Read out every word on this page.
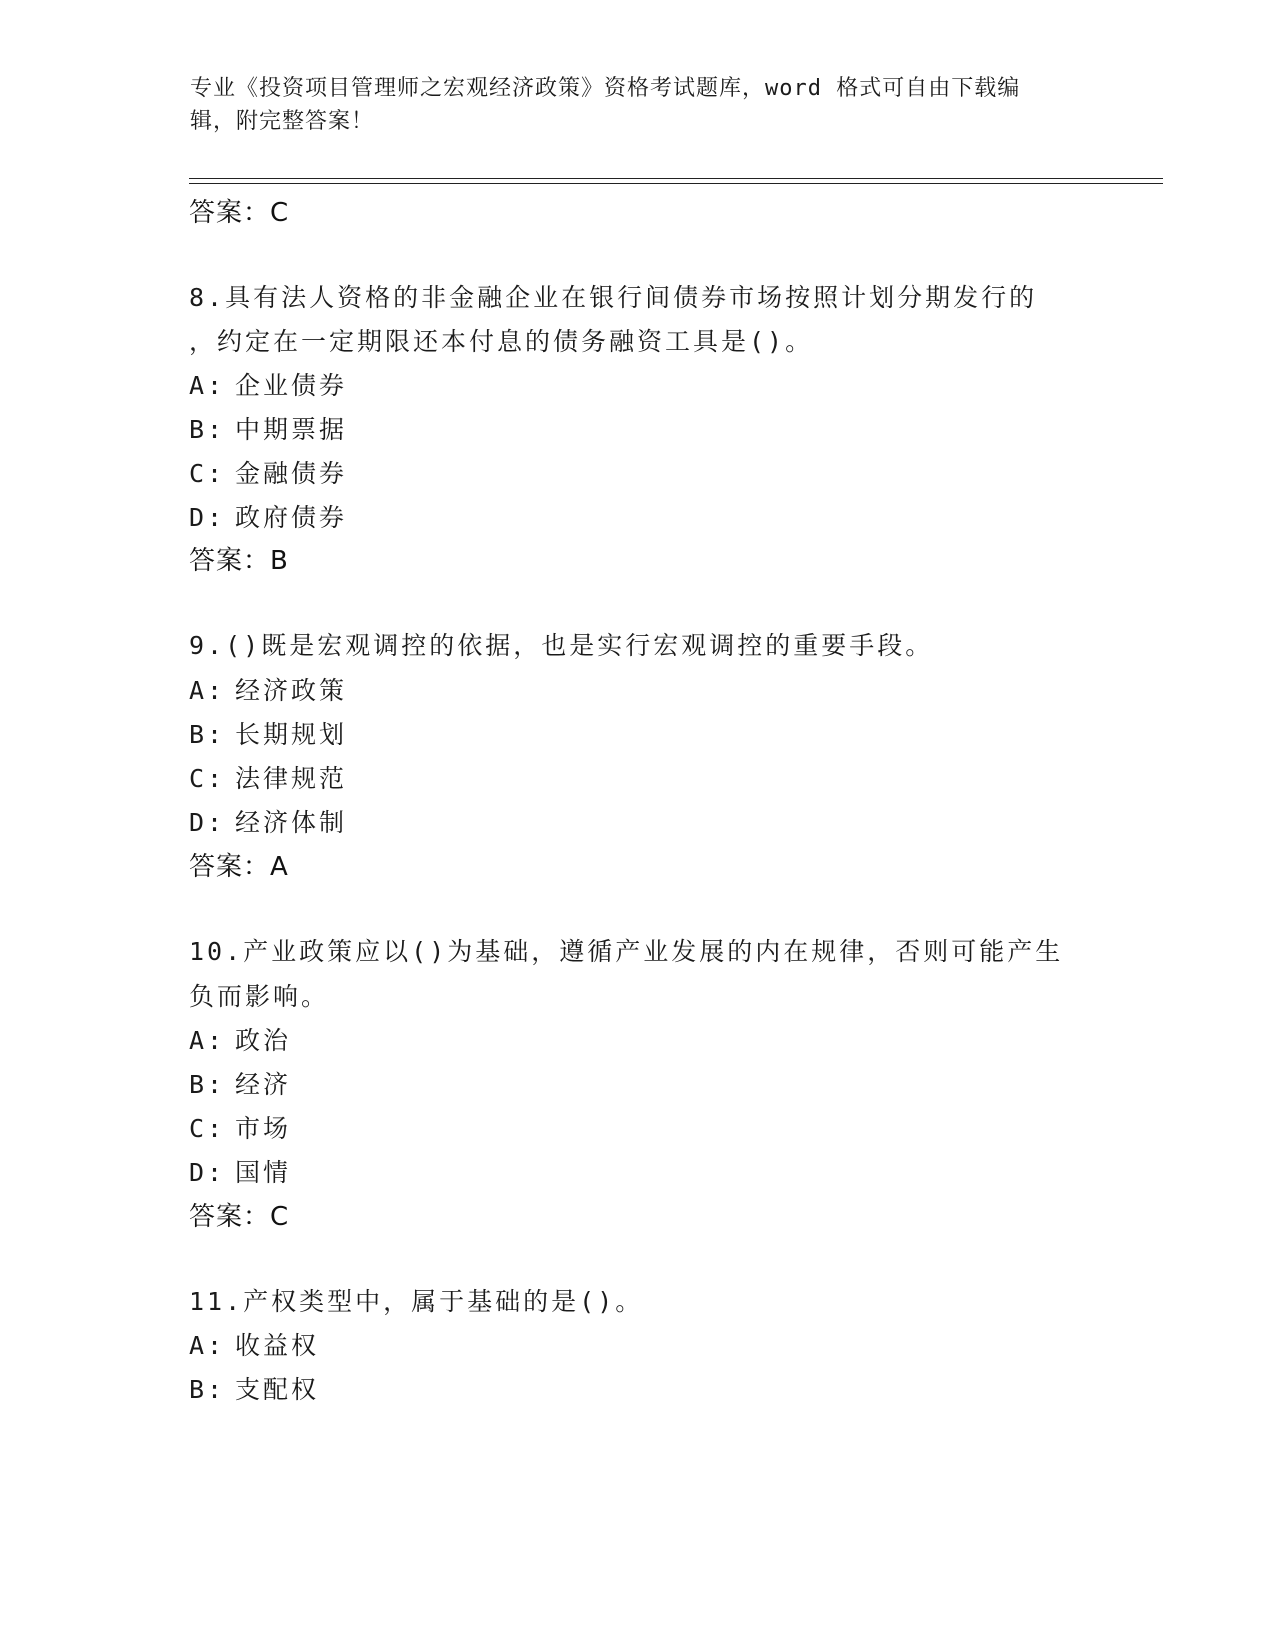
专业《投资项目管理师之宏观经济政策》资格考试题库，word 格式可自由下载编
辑，附完整答案！
答案：C
8.具有法人资格的非金融企业在银行间债券市场按照计划分期发行的
，约定在一定期限还本付息的债务融资工具是()。
A: 企业债券
B: 中期票据
C: 金融债券
D: 政府债券
答案：B
9.()既是宏观调控的依据，也是实行宏观调控的重要手段。
A: 经济政策
B: 长期规划
C: 法律规范
D: 经济体制
答案：A
10.产业政策应以()为基础，遵循产业发展的内在规律，否则可能产生
负而影响。
A: 政治
B: 经济
C: 市场
D: 国情
答案：C
11.产权类型中，属于基础的是()。
A: 收益权
B: 支配权
